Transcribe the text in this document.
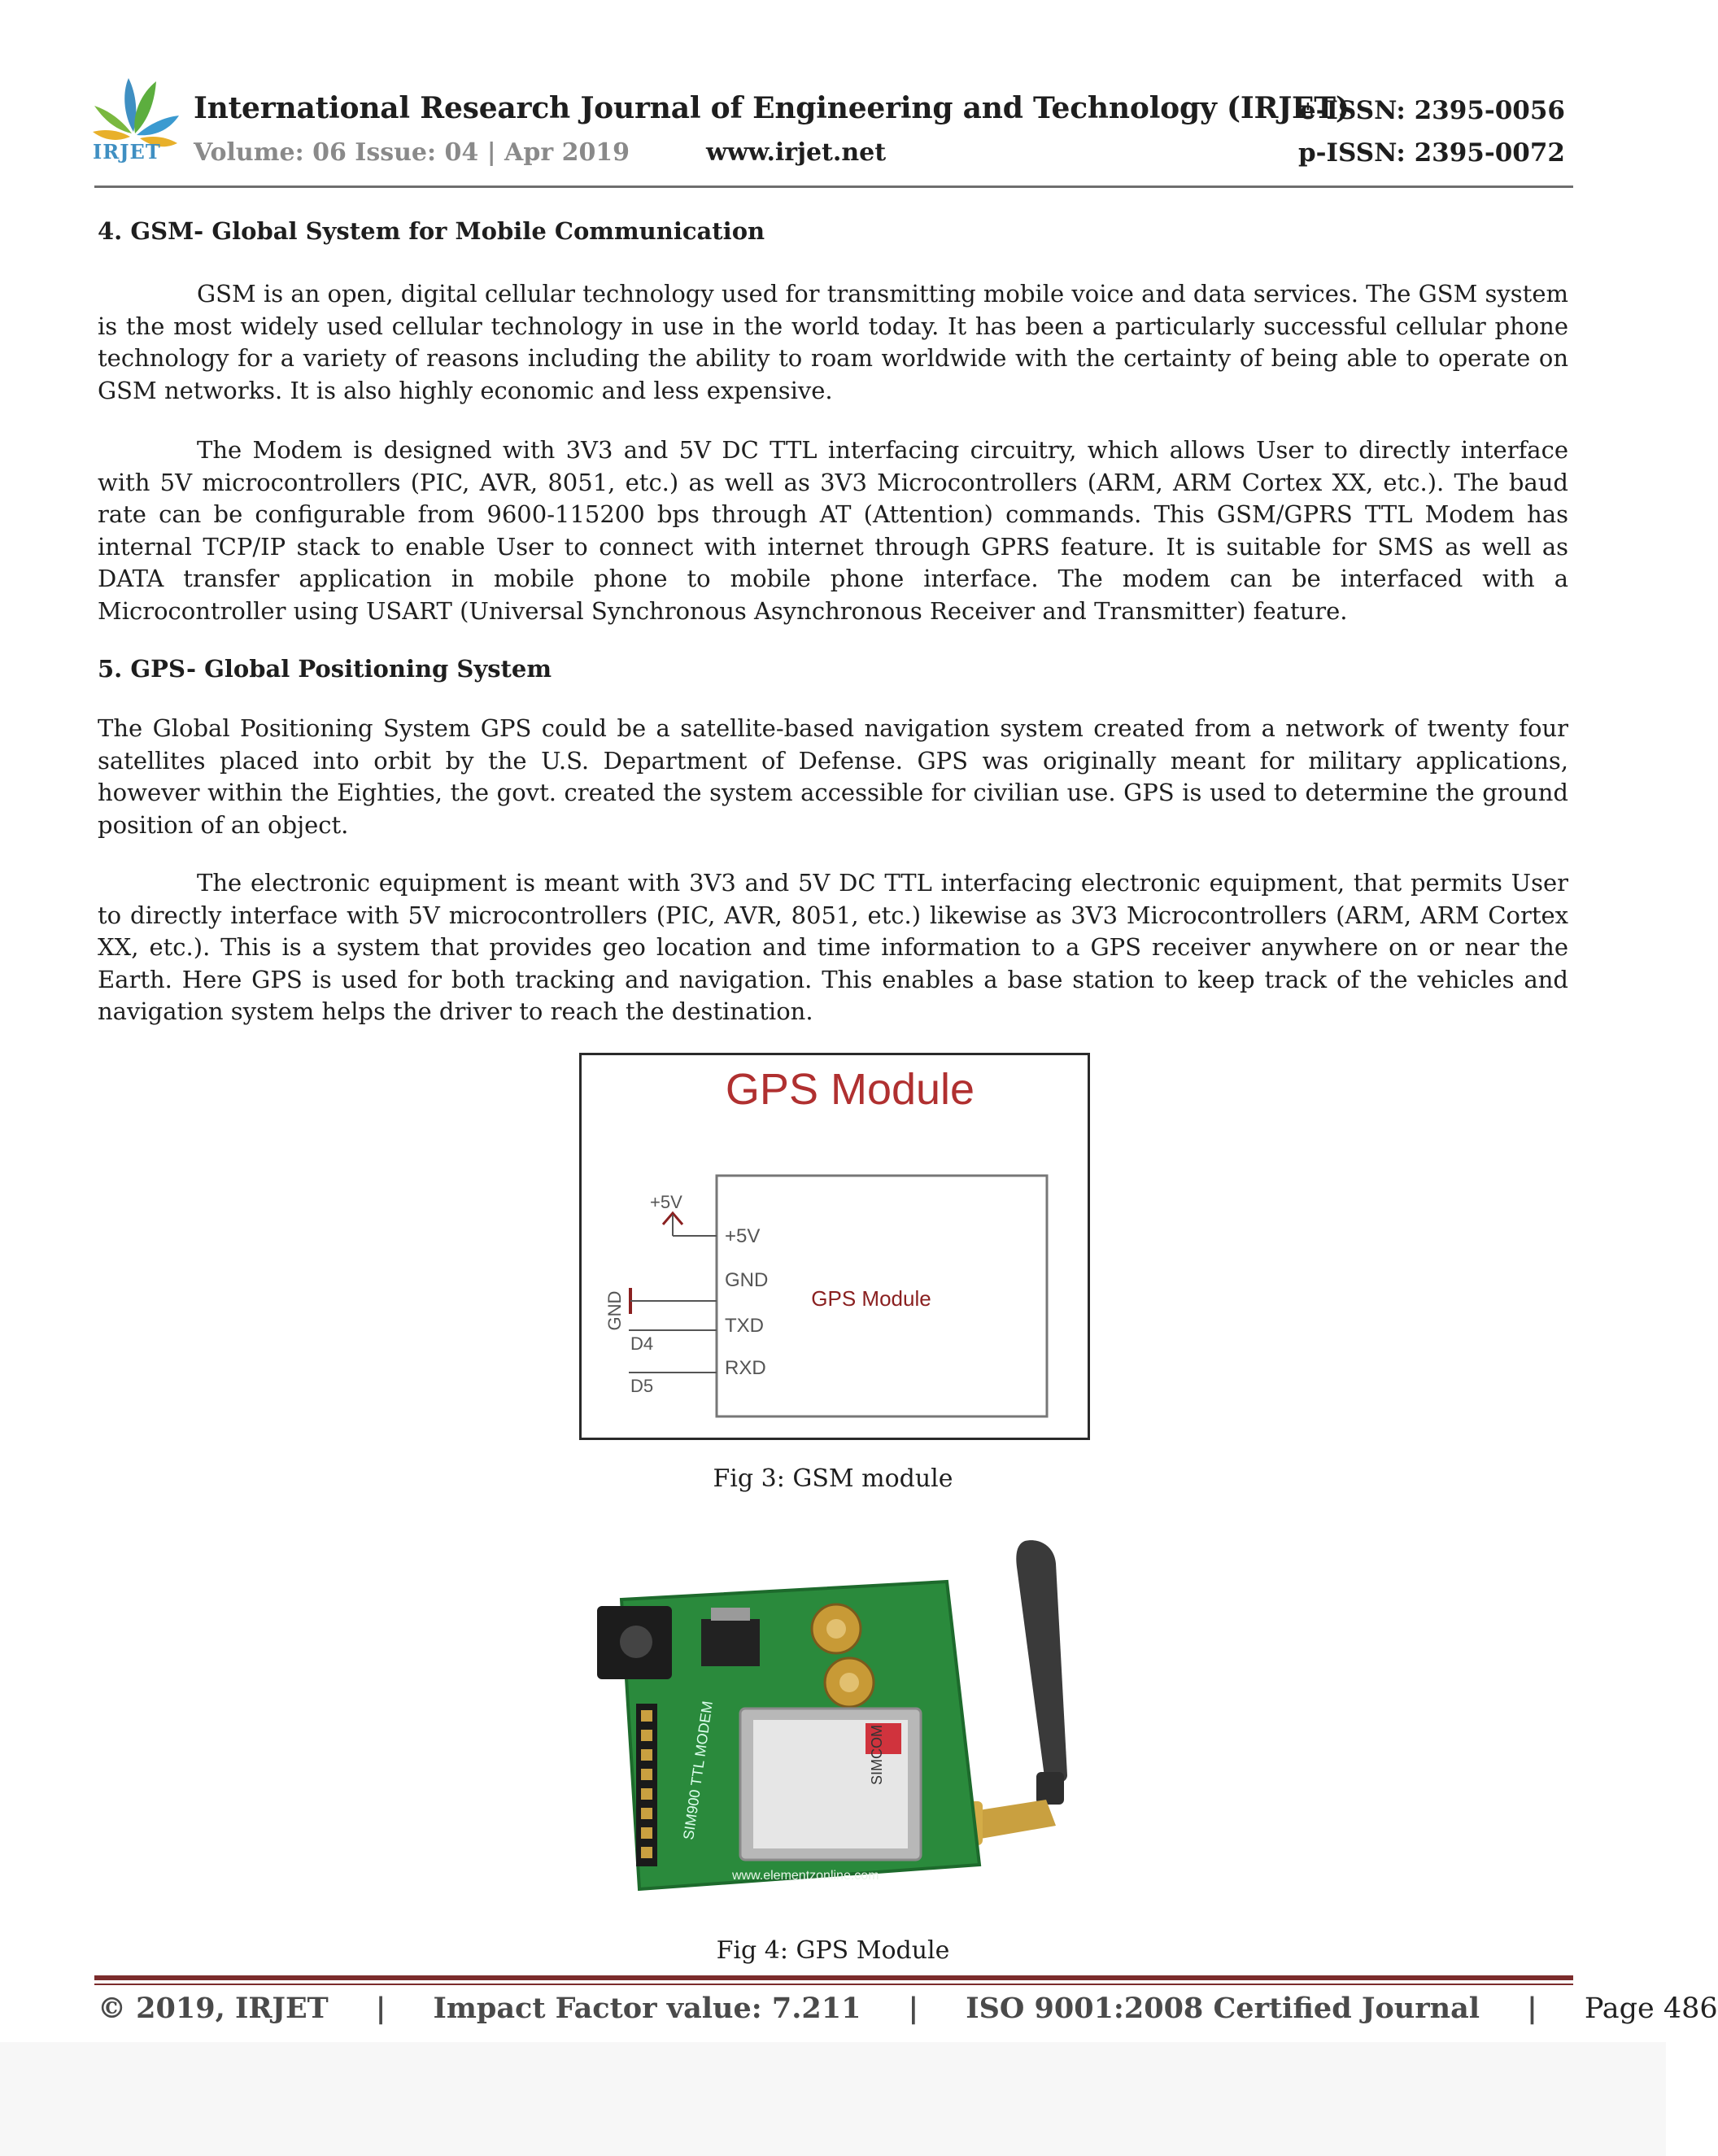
IRJET
International Research Journal of Engineering and Technology (IRJET)
Volume: 06 Issue: 04 | Apr 2019	www.irjet.net
e-ISSN: 2395-0056
p-ISSN: 2395-0072
4. GSM- Global System for Mobile Communication
GSM is an open, digital cellular technology used for transmitting mobile voice and data services. The GSM system is the most widely used cellular technology in use in the world today. It has been a particularly successful cellular phone technology for a variety of reasons including the ability to roam worldwide with the certainty of being able to operate on GSM networks. It is also highly economic and less expensive.
The Modem is designed with 3V3 and 5V DC TTL interfacing circuitry, which allows User to directly interface with 5V microcontrollers (PIC, AVR, 8051, etc.) as well as 3V3 Microcontrollers (ARM, ARM Cortex XX, etc.). The baud rate can be configurable from 9600-115200 bps through AT (Attention) commands. This GSM/GPRS TTL Modem has internal TCP/IP stack to enable User to connect with internet through GPRS feature. It is suitable for SMS as well as DATA transfer application in mobile phone to mobile phone interface. The modem can be interfaced with a Microcontroller using USART (Universal Synchronous Asynchronous Receiver and Transmitter) feature.
5. GPS- Global Positioning System
The Global Positioning System GPS could be a satellite-based navigation system created from a network of twenty four satellites placed into orbit by the U.S. Department of Defense. GPS was originally meant for military applications, however within the Eighties, the govt. created the system accessible for civilian use. GPS is used to determine the ground position of an object.
The electronic equipment is meant with 3V3 and 5V DC TTL interfacing electronic equipment, that permits User to directly interface with 5V microcontrollers (PIC, AVR, 8051, etc.) likewise as 3V3 Microcontrollers (ARM, ARM Cortex XX, etc.). This is a system that provides geo location and time information to a GPS receiver anywhere on or near the Earth. Here GPS is used for both tracking and navigation. This enables a base station to keep track of the vehicles and navigation system helps the driver to reach the destination.
GPS Module
+5V
GND
D4
D5
+5V
GND
TXD
RXD
GPS Module
Fig 3: GSM module
SIMCOM
SIM900 TTL MODEM
www.elementzonline.com
Fig 4: GPS Module
© 2019, IRJET | Impact Factor value: 7.211 | ISO 9001:2008 Certified Journal | Page 486
